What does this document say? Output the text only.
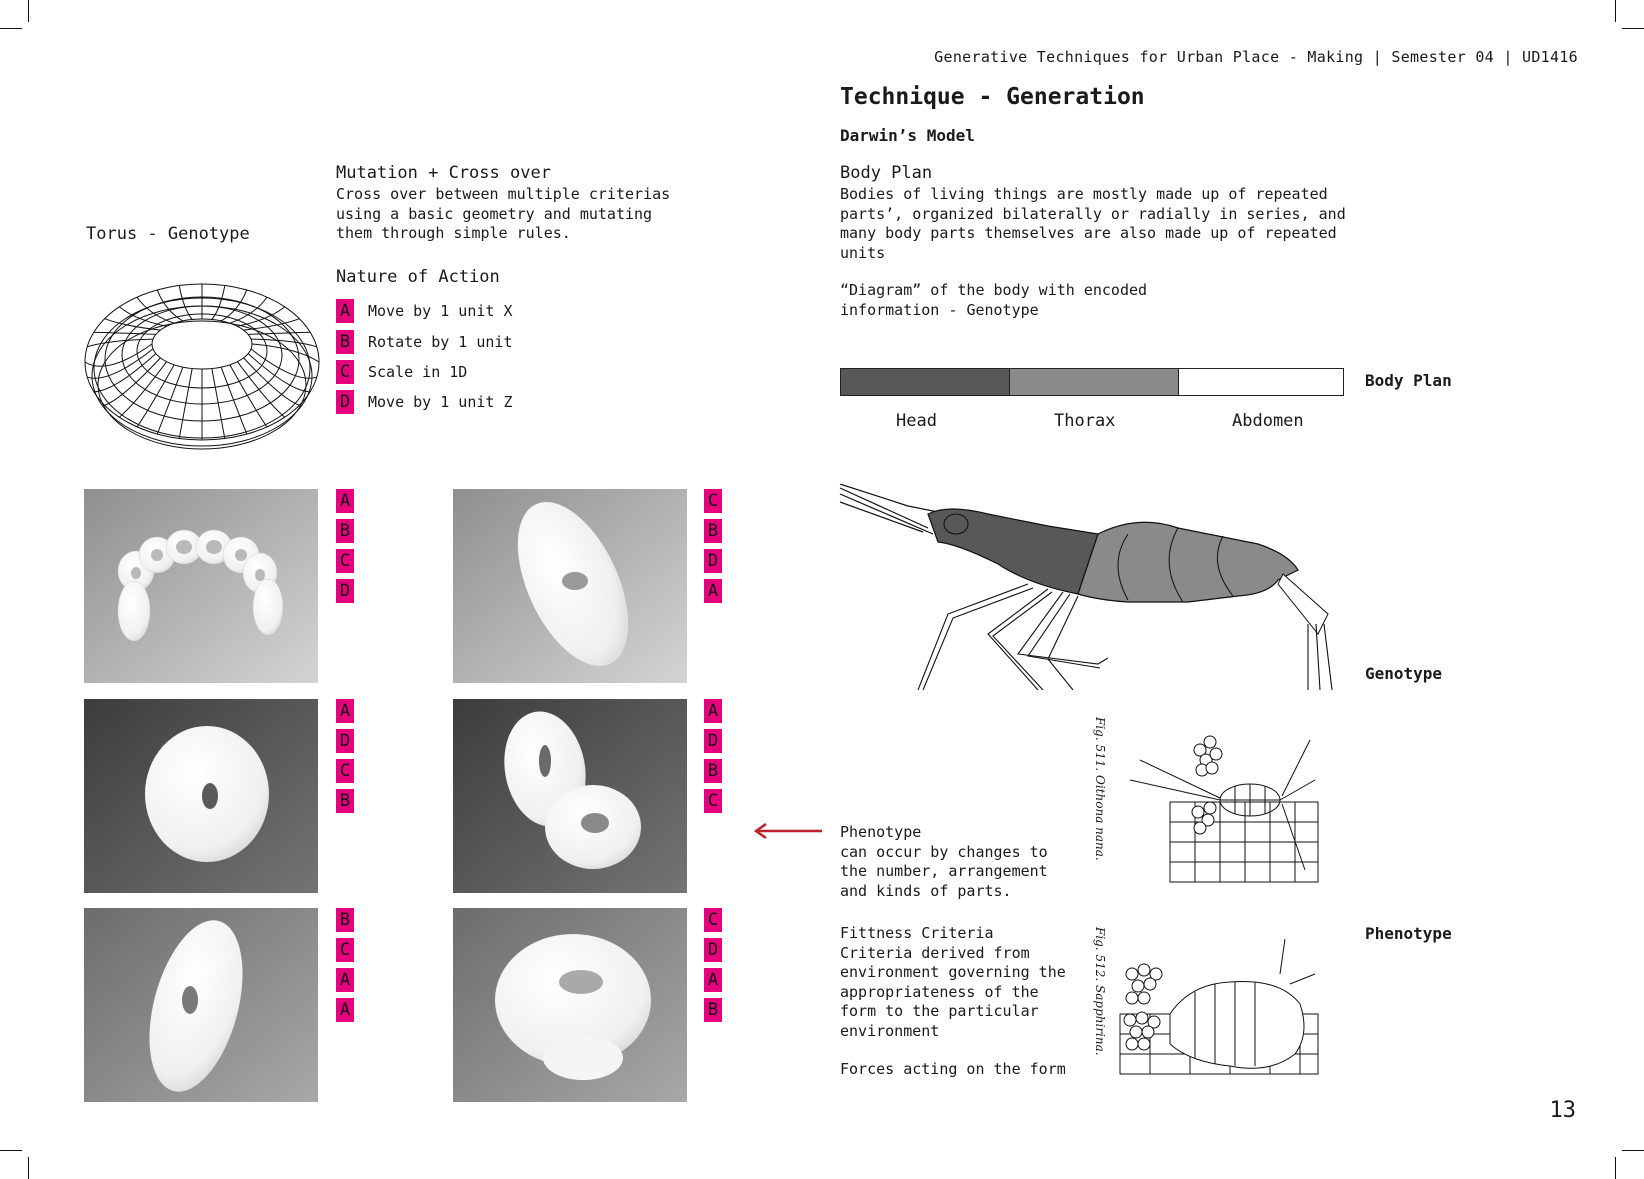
Generative Techniques for Urban Place - Making | Semester 04 | UD1416
Torus - Genotype
Mutation + Cross over
Cross over between multiple criterias using a basic geometry and mutating them through simple rules.
Nature of Action
A Move by 1 unit X
B Rotate by 1 unit
C Scale in 1D
D Move by 1 unit Z
A
B
C
D
C
B
D
A
A
D
C
B
A
D
B
C
B
C
A
A
C
D
A
B
Technique - Generation
Darwin’s Model
Body Plan
Bodies of living things are mostly made up of repeated parts’, organized bilaterally or radially in series, and many body parts themselves are also made up of repeated units
“Diagram” of the body with encoded information - Genotype
Head	Thorax	Abdomen
Body Plan
Genotype
Phenotype
can occur by changes to the number, arrangement and kinds of parts.
Phenotype
Fittness Criteria
Criteria derived from environment governing the appropriateness of the form to the particular environment
Forces acting on the form
Fig. 511. Oithona nana.
Fig. 512. Sapphirina.
13
